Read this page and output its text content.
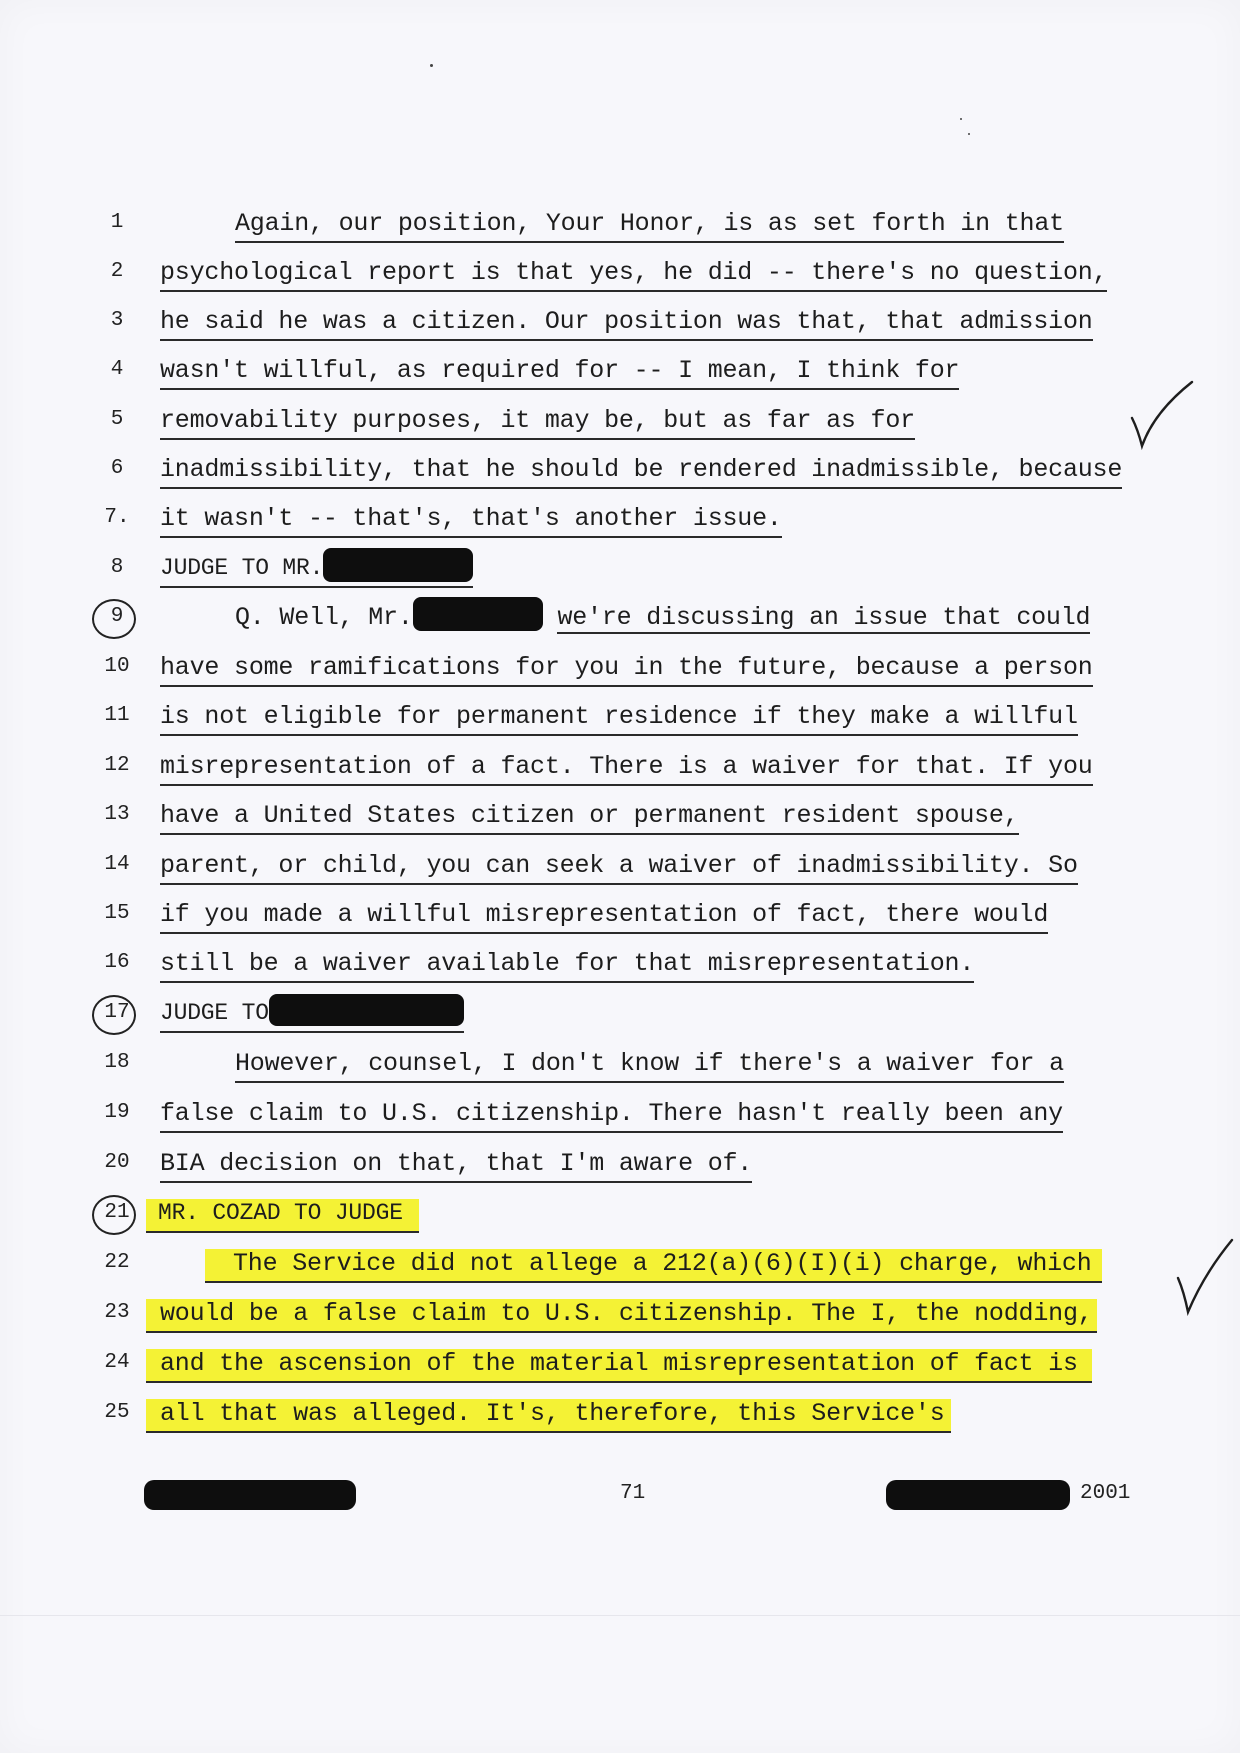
1	Again, our position, Your Honor, is as set forth in that
2	psychological report is that yes, he did -- there's no question,
3	he said he was a citizen. Our position was that, that admission
4	wasn't willful, as required for -- I mean, I think for
5	removability purposes, it may be, but as far as for
6	inadmissibility, that he should be rendered inadmissible, because
7. it wasn't -- that's, that's another issue.
8	JUDGE TO MR.
9	Q. Well, Mr.	we're discussing an issue that could
10 have some ramifications for you in the future, because a person
11 is not eligible for permanent residence if they make a willful
12 misrepresentation of a fact. There is a waiver for that. If you
13 have a United States citizen or permanent resident spouse,
14 parent, or child, you can seek a waiver of inadmissibility. So
15 if you made a willful misrepresentation of fact, there would
16 still be a waiver available for that misrepresentation.
17 JUDGE TO
18	However, counsel, I don't know if there's a waiver for a
19 false claim to U.S. citizenship. There hasn't really been any
20 BIA decision on that, that I'm aware of.
21	MR. COZAD TO JUDGE
22	The Service did not allege a 212(a)(6)(I)(i) charge, which
23	would be a false claim to U.S. citizenship. The I, the nodding,
24	and the ascension of the material misrepresentation of fact is
25	all that was alleged. It's, therefore, this Service's
71	2001
